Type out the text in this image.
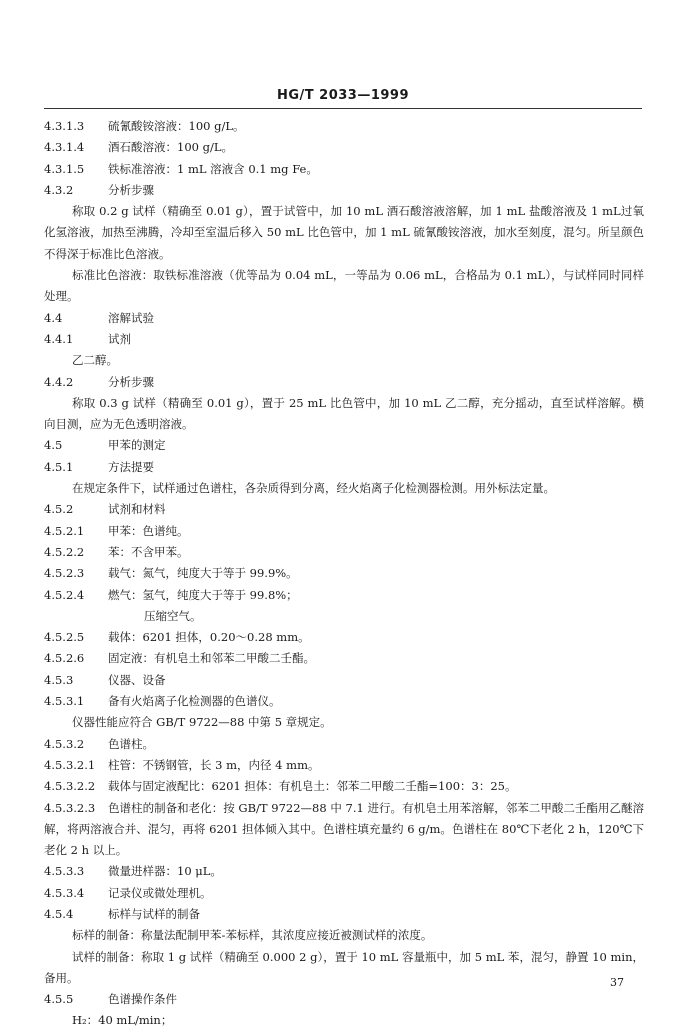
HG/T 2033—1999
4.3.1.3 硫氰酸铵溶液：100 g/L。
4.3.1.4 酒石酸溶液：100 g/L。
4.3.1.5 铁标准溶液：1 mL 溶液含 0.1 mg Fe。
4.3.2	分析步骤
称取 0.2 g 试样（精确至 0.01 g），置于试管中，加 10 mL 酒石酸溶液溶解，加 1 mL 盐酸溶液及 1 mL过氧化氢溶液，加热至沸腾，冷却至室温后移入 50 mL 比色管中，加 1 mL 硫氰酸铵溶液，加水至刻度，混匀。所呈颜色不得深于标准比色溶液。
标准比色溶液：取铁标准溶液（优等品为 0.04 mL，一等品为 0.06 mL，合格品为 0.1 mL），与试样同时同样处理。
4.4	溶解试验
4.4.1	试剂
乙二醇。
4.4.2	分析步骤
称取 0.3 g 试样（精确至 0.01 g），置于 25 mL 比色管中，加 10 mL 乙二醇，充分摇动，直至试样溶解。横向目测，应为无色透明溶液。
4.5	甲苯的测定
4.5.1	方法提要
在规定条件下，试样通过色谱柱，各杂质得到分离，经火焰离子化检测器检测。用外标法定量。
4.5.2	试剂和材料
4.5.2.1 甲苯：色谱纯。
4.5.2.2 苯：不含甲苯。
4.5.2.3 载气：氮气，纯度大于等于 99.9%。
4.5.2.4 燃气：氢气，纯度大于等于 99.8%；
压缩空气。
4.5.2.5 载体：6201 担体，0.20～0.28 mm。
4.5.2.6 固定液：有机皂土和邻苯二甲酸二壬酯。
4.5.3	仪器、设备
4.5.3.1 备有火焰离子化检测器的色谱仪。
仪器性能应符合 GB/T 9722—88 中第 5 章规定。
4.5.3.2 色谱柱。
4.5.3.2.1 柱管：不锈钢管，长 3 m，内径 4 mm。
4.5.3.2.2 载体与固定液配比：6201 担体：有机皂土：邻苯二甲酸二壬酯=100：3：25。
4.5.3.2.3 色谱柱的制备和老化：按 GB/T 9722—88 中 7.1 进行。有机皂土用苯溶解，邻苯二甲酸二壬酯用乙醚溶解，将两溶液合并、混匀，再将 6201 担体倾入其中。色谱柱填充量约 6 g/m。色谱柱在 80℃下老化 2 h，120℃下老化 2 h 以上。
4.5.3.3 微量进样器：10 μL。
4.5.3.4 记录仪或微处理机。
4.5.4	标样与试样的制备
标样的制备：称量法配制甲苯-苯标样，其浓度应接近被测试样的浓度。
试样的制备：称取 1 g 试样（精确至 0.000 2 g），置于 10 mL 容量瓶中，加 5 mL 苯，混匀，静置 10 min，备用。
4.5.5	色谱操作条件
H₂：40 mL/min；
37
